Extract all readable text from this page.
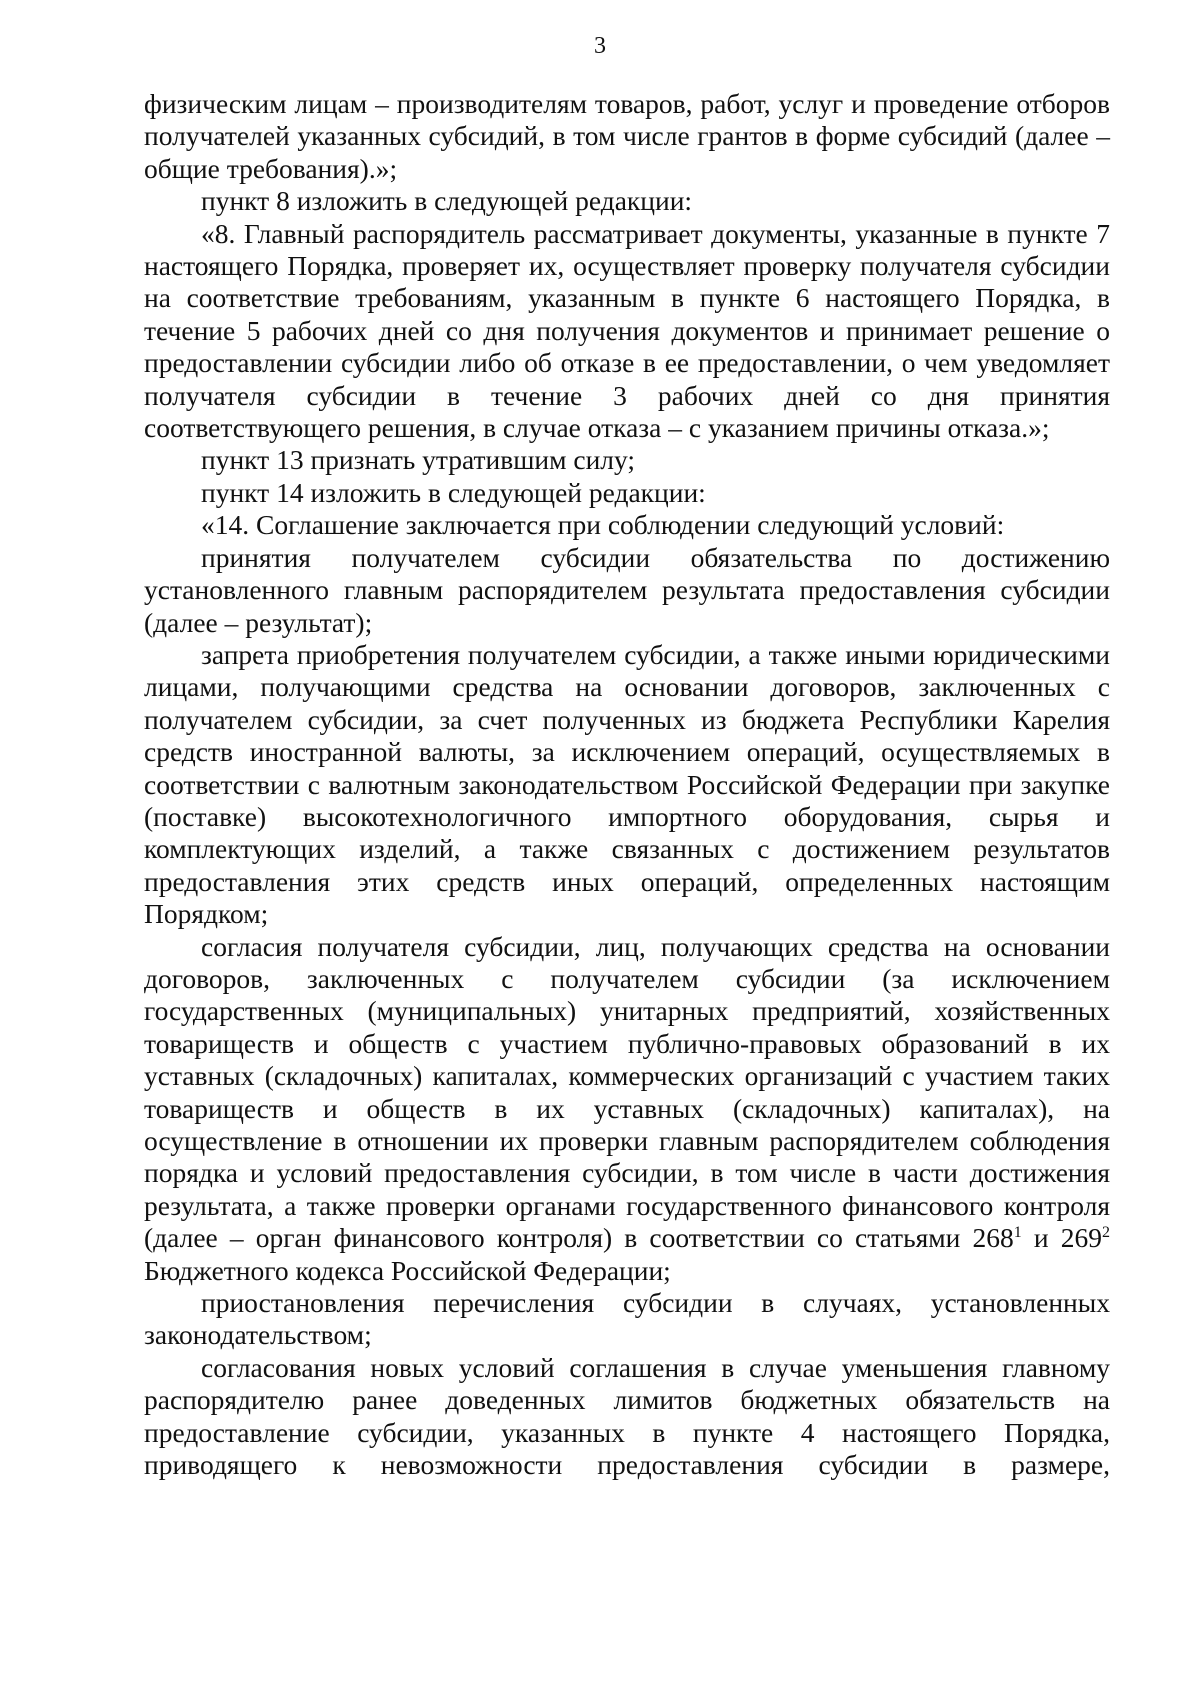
3

физическим лицам – производителям товаров, работ, услуг и проведение отборов получателей указанных субсидий, в том числе грантов в форме субсидий (далее – общие требования).»;

пункт 8 изложить в следующей редакции:

«8. Главный распорядитель рассматривает документы, указанные в пункте 7 настоящего Порядка, проверяет их, осуществляет проверку получателя субсидии на соответствие требованиям, указанным в пункте 6 настоящего Порядка, в течение 5 рабочих дней со дня получения документов и принимает решение о предоставлении субсидии либо об отказе в ее предоставлении, о чем уведомляет получателя субсидии в течение 3 рабочих дней со дня принятия соответствующего решения, в случае отказа – с указанием причины отказа.»;

пункт 13 признать утратившим силу;

пункт 14 изложить в следующей редакции:

«14. Соглашение заключается при соблюдении следующий условий:

принятия получателем субсидии обязательства по достижению установленного главным распорядителем результата предоставления субсидии (далее – результат);

запрета приобретения получателем субсидии, а также иными юридическими лицами, получающими средства на основании договоров, заключенных с получателем субсидии, за счет полученных из бюджета Республики Карелия средств иностранной валюты, за исключением операций, осуществляемых в соответствии с валютным законодательством Российской Федерации при закупке (поставке) высокотехнологичного импортного оборудования, сырья и комплектующих изделий, а также связанных с достижением результатов предоставления этих средств иных операций, определенных настоящим Порядком;

согласия получателя субсидии, лиц, получающих средства на основании договоров, заключенных с получателем субсидии (за исключением государственных (муниципальных) унитарных предприятий, хозяйственных товариществ и обществ с участием публично-правовых образований в их уставных (складочных) капиталах, коммерческих организаций с участием таких товариществ и обществ в их уставных (складочных) капиталах), на осуществление в отношении их проверки главным распорядителем соблюдения порядка и условий предоставления субсидии, в том числе в части достижения результата, а также проверки органами государственного финансового контроля (далее – орган финансового контроля) в соответствии со статьями $268^1$ и $269^2$ Бюджетного кодекса Российской Федерации;

приостановления перечисления субсидии в случаях, установленных законодательством;

согласования новых условий соглашения в случае уменьшения главному распорядителю ранее доведенных лимитов бюджетных обязательств на предоставление субсидии, указанных в пункте 4 настоящего Порядка, приводящего к невозможности предоставления субсидии в размере,
